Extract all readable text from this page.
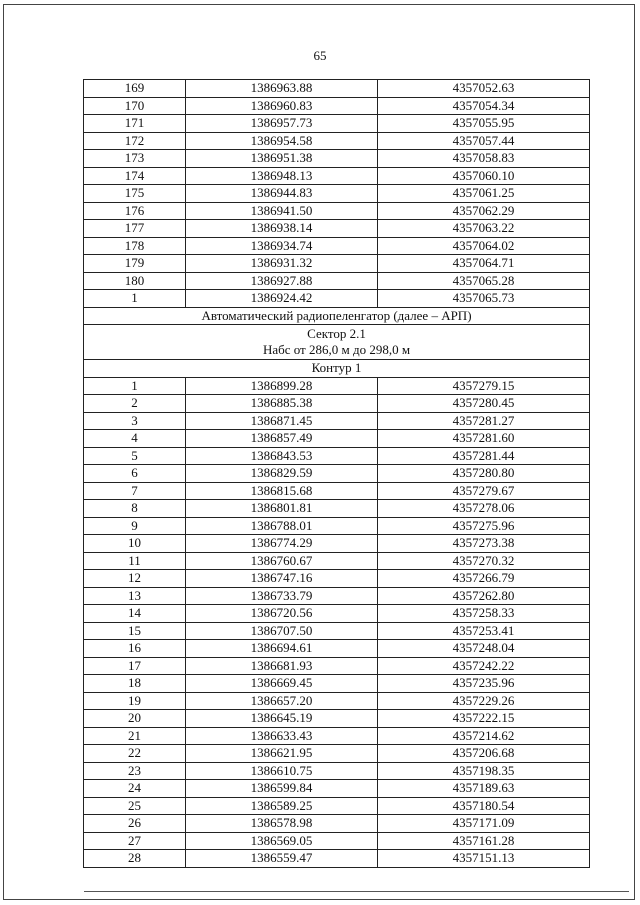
65
169	1386963.88	4357052.63
170	1386960.83	4357054.34
171	1386957.73	4357055.95
172	1386954.58	4357057.44
173	1386951.38	4357058.83
174	1386948.13	4357060.10
175	1386944.83	4357061.25
176	1386941.50	4357062.29
177	1386938.14	4357063.22
178	1386934.74	4357064.02
179	1386931.32	4357064.71
180	1386927.88	4357065.28
1	1386924.42	4357065.73
Автоматический радиопеленгатор (далее – АРП)		

Сектор 2.1
Набс от 286,0 м до 298,0 м		

Контур 1		
1	1386899.28	4357279.15
2	1386885.38	4357280.45
3	1386871.45	4357281.27
4	1386857.49	4357281.60
5	1386843.53	4357281.44
6	1386829.59	4357280.80
7	1386815.68	4357279.67
8	1386801.81	4357278.06
9	1386788.01	4357275.96
10	1386774.29	4357273.38
11	1386760.67	4357270.32
12	1386747.16	4357266.79
13	1386733.79	4357262.80
14	1386720.56	4357258.33
15	1386707.50	4357253.41
16	1386694.61	4357248.04
17	1386681.93	4357242.22
18	1386669.45	4357235.96
19	1386657.20	4357229.26
20	1386645.19	4357222.15
21	1386633.43	4357214.62
22	1386621.95	4357206.68
23	1386610.75	4357198.35
24	1386599.84	4357189.63
25	1386589.25	4357180.54
26	1386578.98	4357171.09
27	1386569.05	4357161.28
28	1386559.47	4357151.13
